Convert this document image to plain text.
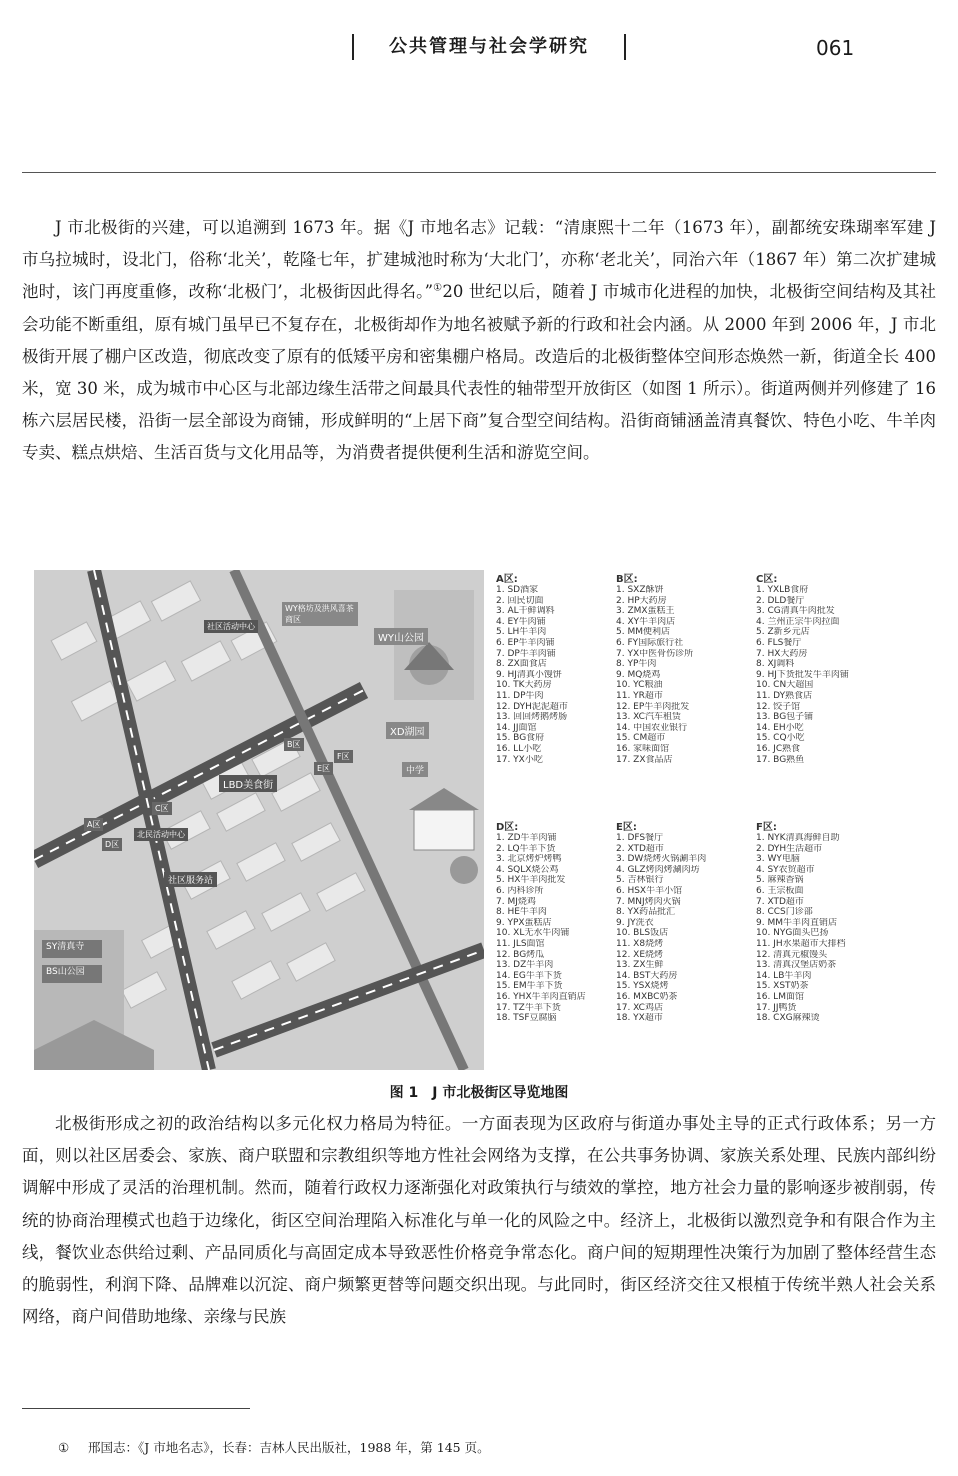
公共管理与社会学研究	061
J 市北极街的兴建，可以追溯到 1673 年。据《J 市地名志》记载：“清康熙十二年（1673 年），副都统安珠瑚率军建 J 市乌拉城时，设北门，俗称‘北关’，乾隆七年，扩建城池时称为‘大北门’，亦称‘老北关’，同治六年（1867 年）第二次扩建城池时，该门再度重修，改称‘北极门’，北极街因此得名。”①20 世纪以后，随着 J 市城市化进程的加快，北极街空间结构及其社会功能不断重组，原有城门虽早已不复存在，北极街却作为地名被赋予新的行政和社会内涵。从 2000 年到 2006 年，J 市北极街开展了棚户区改造，彻底改变了原有的低矮平房和密集棚户格局。改造后的北极街整体空间形态焕然一新，街道全长 400 米，宽 30 米，成为城市中心区与北部边缘生活带之间最具代表性的轴带型开放街区（如图 1 所示）。街道两侧并列修建了 16 栋六层居民楼，沿街一层全部设为商铺，形成鲜明的“上居下商”复合型空间结构。沿街商铺涵盖清真餐饮、特色小吃、牛羊肉专卖、糕点烘焙、生活百货与文化用品等，为消费者提供便利生活和游览空间。
WY山公园
WY格坊及洪风喜茶商区
XD湖园
中学
LBD美食街
社区服务站
SY清真寺
BS山公园
社区活动中心
北民活动中心
A区
B区
C区
D区
E区
F区
A区:
1. SD酒家
2. 回民切面
3. AL干鲜调料
4. EY牛肉铺
5. LH牛羊肉
6. EP牛羊肉铺
7. DP牛羊肉铺
8. ZX面食店
9. HJ清真小馒饼
10. TK大药房
11. DP牛肉
12. DYH泥泥超市
13. 回回烤鹅烤肠
14. JJ面馆
15. BG食府
16. LL小吃
17. YX小吃
B区:
1. SXZ酥饼
2. HP大药房
3. ZMX蛋糕王
4. XY牛羊肉店
5. MM便利店
6. FY国际旅行社
7. YX中医骨伤诊所
8. YP牛肉
9. MQ烧鸡
10. YC粮油
11. YR超市
12. EP牛羊肉批发
13. XC汽车租赁
14. 中国农业银行
15. CM超市
16. 家味面馆
17. ZX食品店
C区:
1. YXLB食府
2. DLD餐厅
3. CG清真牛肉批发
4. 兰州正宗牛肉拉面
5. Z新乡元店
6. FLS餐厅
7. HX大药房
8. XJ调料
9. HJ下货批发牛羊肉铺
10. CN大超国
11. DY熟食店
12. 饺子馆
13. BG包子铺
14. EH小吃
15. CQ小吃
16. JC熟食
17. BG熟鱼
D区:
1. ZD牛羊肉铺
2. LQ牛羊下货
3. 北京烤炉烤鸭
4. SQLX烧公鸡
5. HX牛羊肉批发
6. 内科诊所
7. MJ烧鸡
8. HE牛羊肉
9. YPX蛋糕店
10. XL无水牛肉铺
11. JLS面馆
12. BG烤瓜
13. DZ牛羊肉
14. EG牛羊下货
15. EM牛羊下货
16. YHX牛羊肉直销店
17. TZ牛羊下货
18. TSF豆腐脑
E区:
1. DFS餐厅
2. XTD超市
3. DW烧烤火锅涮羊肉
4. GLZ烤肉烤涮肉坊
5. 吉林银行
6. HSX牛羊小馆
7. MNJ烤肉火锅
8. YX药品批汇
9. JY洗衣
10. BLS饭店
11. X8烧烤
12. XE烧烤
13. ZX生鲜
14. BST大药房
15. YSX烧烤
16. MXBC奶茶
17. XC鸡店
18. YX超市
F区:
1. NYK清真海鲜自助
2. DYH生活超市
3. WY电脑
4. SY农贸超市
5. 麻辣香锅
6. 王宗板面
7. XTD超市
8. CCS门诊部
9. MM牛羊肉直销店
10. NYG面头巴扬
11. JH水果超市大排档
12. 清真元椒馒头
13. 清真汉堡店奶茶
14. LB牛羊肉
15. XST奶茶
16. LM面馆
17. JJ鸭货
18. CXG麻辣烫
图 1　J 市北极街区导览地图
北极街形成之初的政治结构以多元化权力格局为特征。一方面表现为区政府与街道办事处主导的正式行政体系；另一方面，则以社区居委会、家族、商户联盟和宗教组织等地方性社会网络为支撑，在公共事务协调、家族关系处理、民族内部纠纷调解中形成了灵活的治理机制。然而，随着行政权力逐渐强化对政策执行与绩效的掌控，地方社会力量的影响逐步被削弱，传统的协商治理模式也趋于边缘化，街区空间治理陷入标准化与单一化的风险之中。经济上，北极街以激烈竞争和有限合作为主线，餐饮业态供给过剩、产品同质化与高固定成本导致恶性价格竞争常态化。商户间的短期理性决策行为加剧了整体经营生态的脆弱性，利润下降、品牌难以沉淀、商户频繁更替等问题交织出现。与此同时，街区经济交往又根植于传统半熟人社会关系网络，商户间借助地缘、亲缘与民族
① 邢国志：《J 市地名志》，长春：吉林人民出版社，1988 年，第 145 页。
